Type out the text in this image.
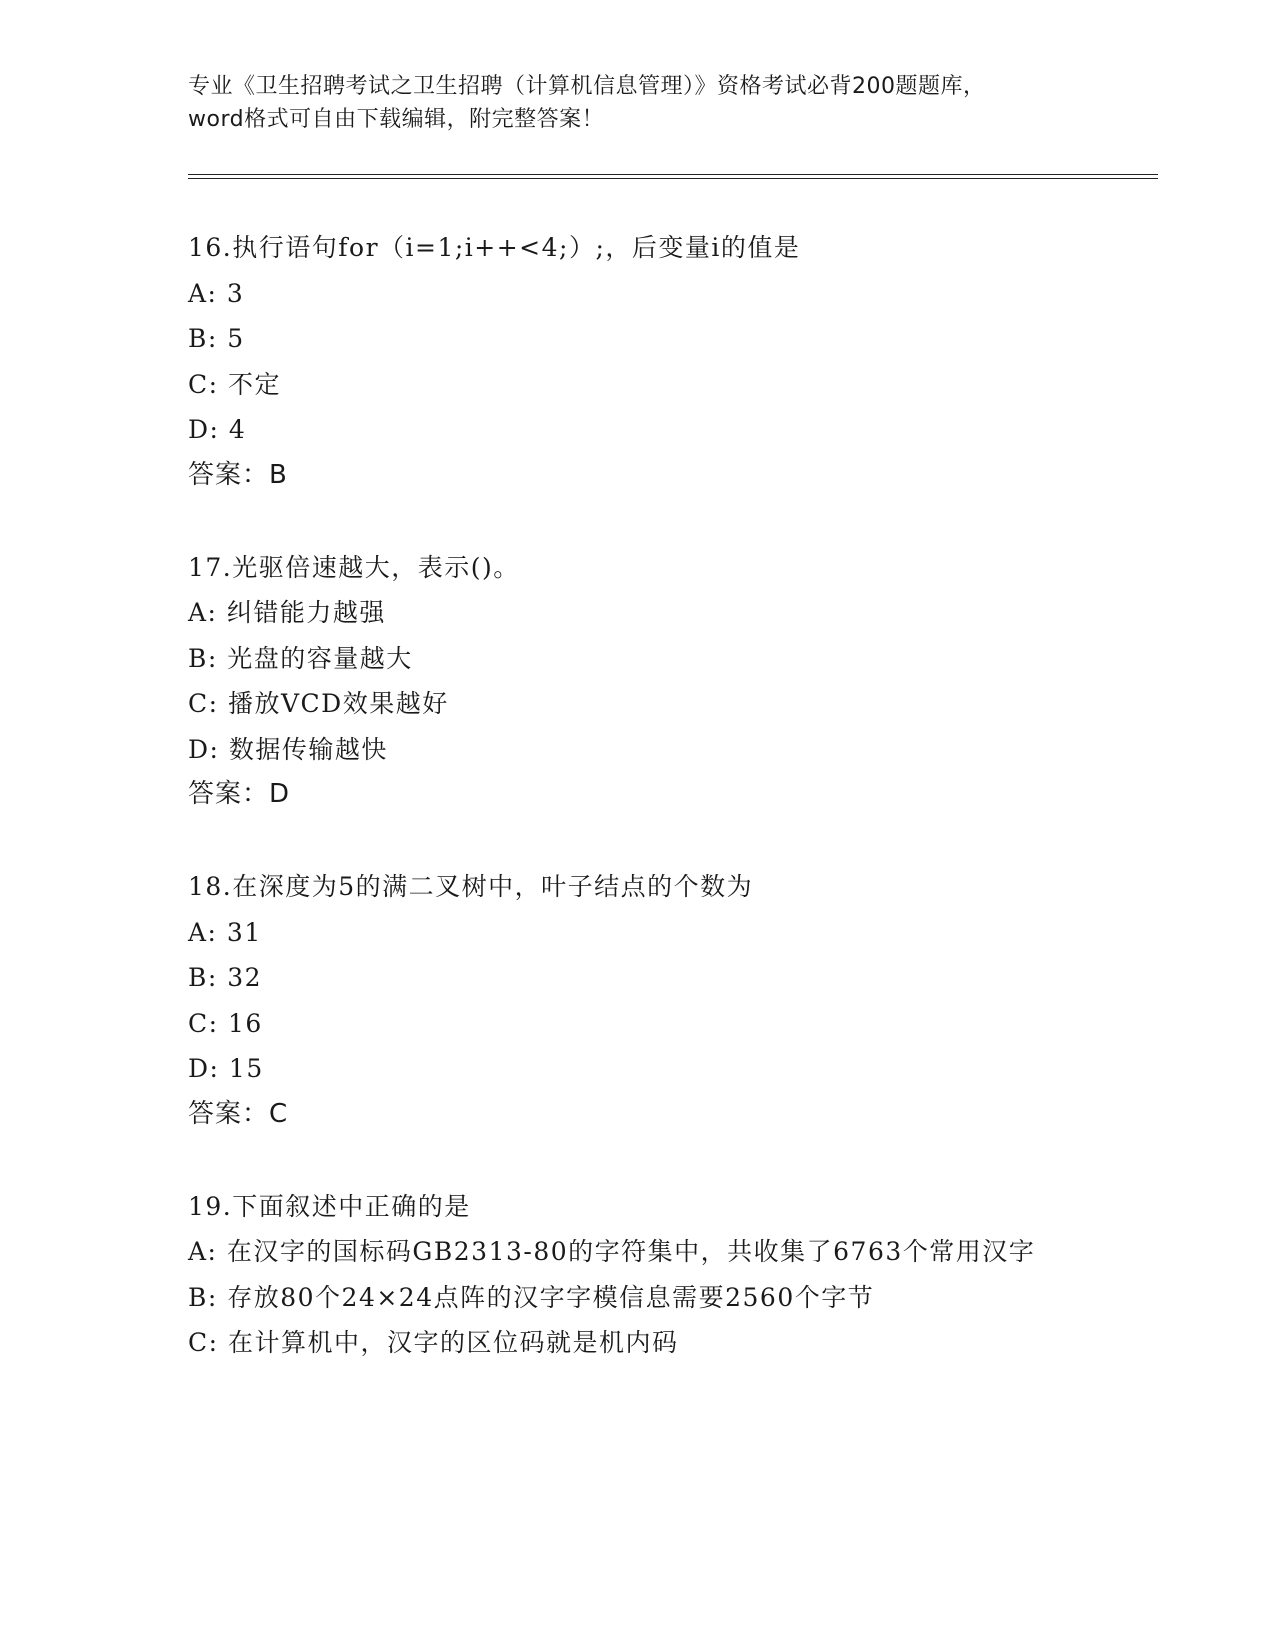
专业《卫生招聘考试之卫生招聘（计算机信息管理）》资格考试必背200题题库，

word格式可自由下载编辑，附完整答案！

16.执行语句for（i=1;i++<4;）;，后变量i的值是

A: 3

B: 5

C: 不定

D: 4

答案：B

17.光驱倍速越大，表示()。

A: 纠错能力越强

B: 光盘的容量越大

C: 播放VCD效果越好

D: 数据传输越快

答案：D

18.在深度为5的满二叉树中，叶子结点的个数为

A: 31

B: 32

C: 16

D: 15

答案：C

19.下面叙述中正确的是

A: 在汉字的国标码GB2313-80的字符集中，共收集了6763个常用汉字

B: 存放80个24×24点阵的汉字字模信息需要2560个字节

C: 在计算机中，汉字的区位码就是机内码
